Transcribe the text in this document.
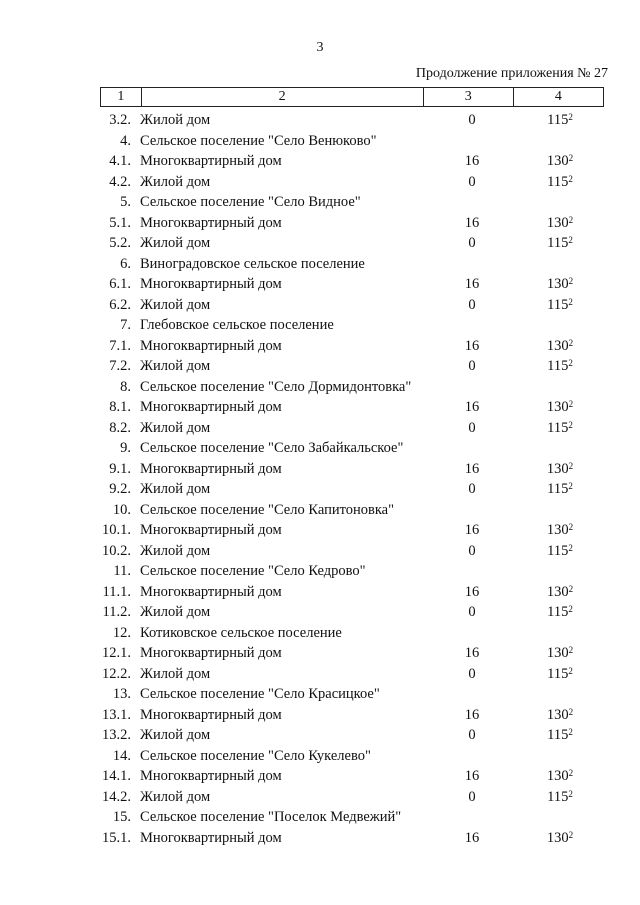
3
Продолжение приложения № 27
1	2	3	4
3.2. Жилой дом	0	$115^2$
4. Сельское поселение "Село Венюково"
4.1. Многоквартирный дом	16	$130^2$
4.2. Жилой дом	0	$115^2$
5. Сельское поселение "Село Видное"
5.1. Многоквартирный дом	16	$130^2$
5.2. Жилой дом	0	$115^2$
6. Виноградовское сельское поселение
6.1. Многоквартирный дом	16	$130^2$
6.2. Жилой дом	0	$115^2$
7. Глебовское сельское поселение
7.1. Многоквартирный дом	16	$130^2$
7.2. Жилой дом	0	$115^2$
8. Сельское поселение "Село Дормидонтовка"
8.1. Многоквартирный дом	16	$130^2$
8.2. Жилой дом	0	$115^2$
9. Сельское поселение "Село Забайкальское"
9.1. Многоквартирный дом	16	$130^2$
9.2. Жилой дом	0	$115^2$
10. Сельское поселение "Село Капитоновка"
10.1. Многоквартирный дом	16	$130^2$
10.2. Жилой дом	0	$115^2$
11. Сельское поселение "Село Кедрово"
11.1. Многоквартирный дом	16	$130^2$
11.2. Жилой дом	0	$115^2$
12. Котиковское сельское поселение
12.1. Многоквартирный дом	16	$130^2$
12.2. Жилой дом	0	$115^2$
13. Сельское поселение "Село Красицкое"
13.1. Многоквартирный дом	16	$130^2$
13.2. Жилой дом	0	$115^2$
14. Сельское поселение "Село Кукелево"
14.1. Многоквартирный дом	16	$130^2$
14.2. Жилой дом	0	$115^2$
15. Сельское поселение "Поселок Медвежий"
15.1. Многоквартирный дом	16	$130^2$
